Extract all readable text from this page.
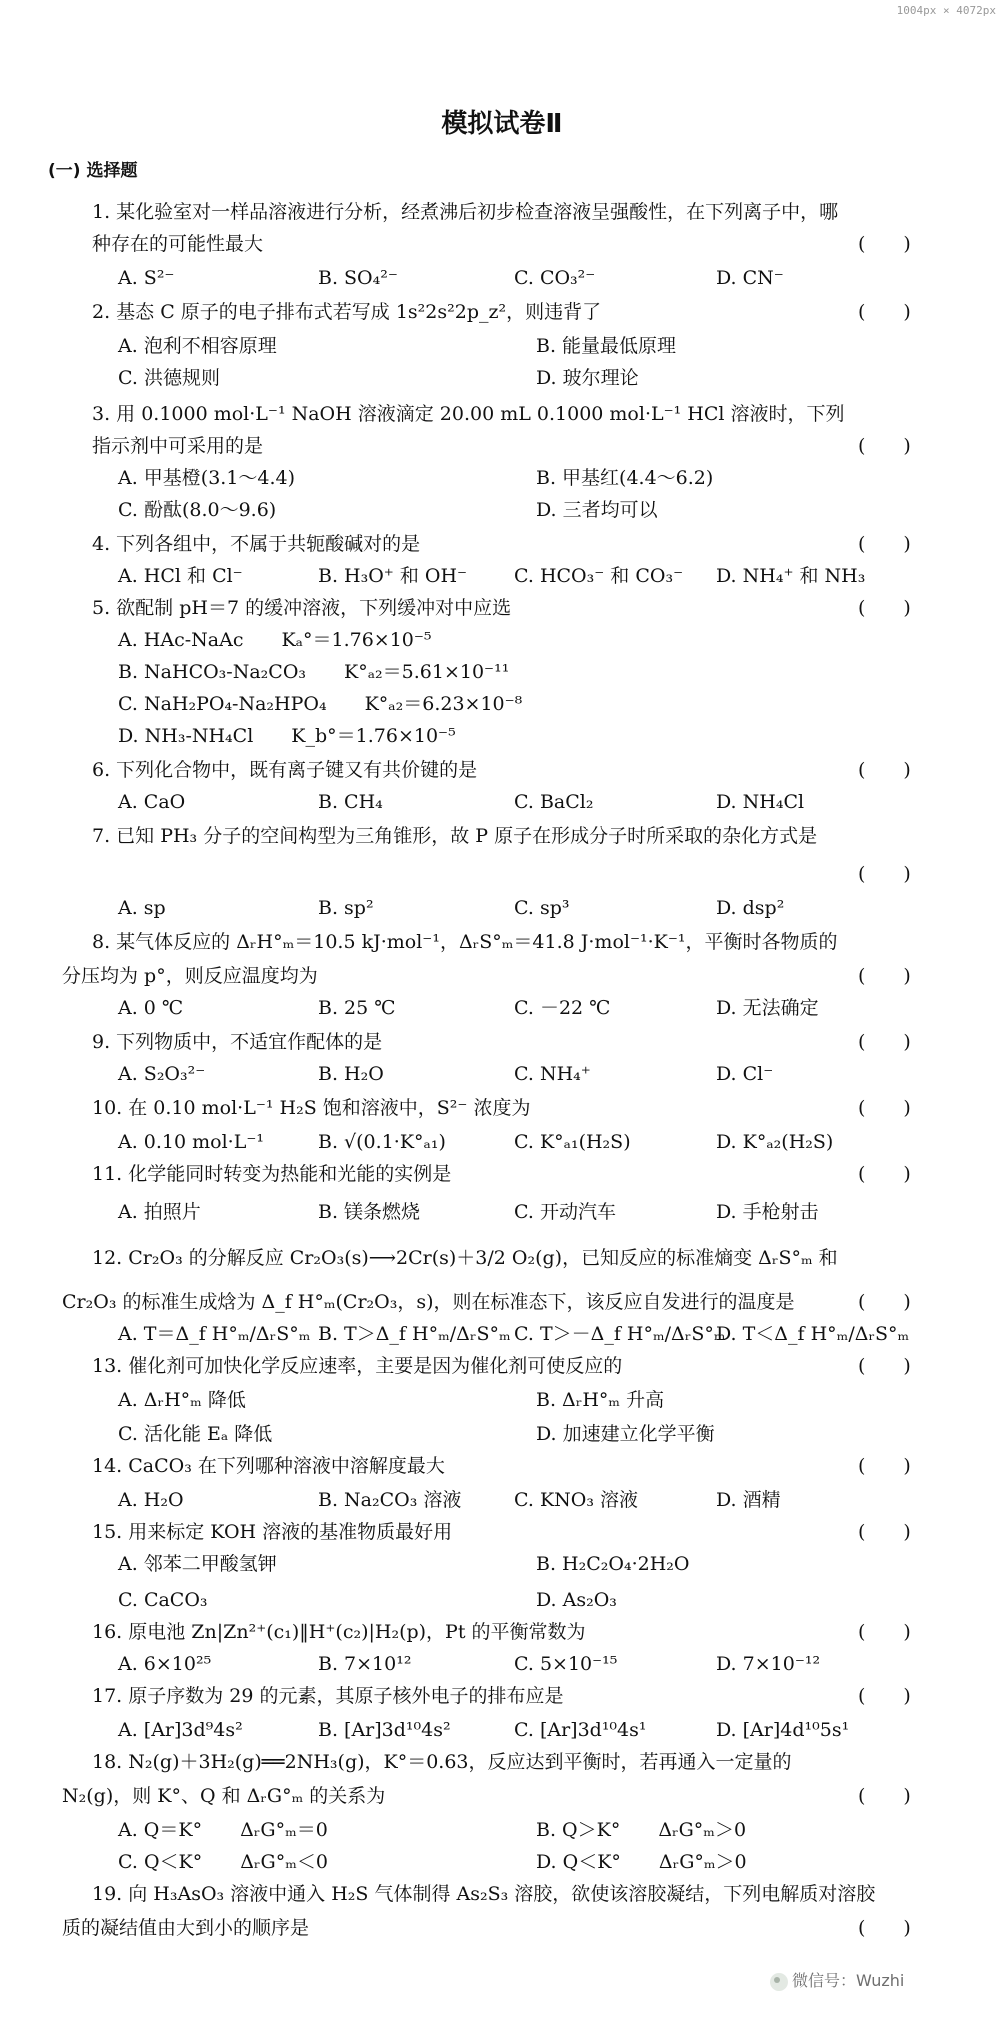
1004px × 4072px
模拟试卷Ⅱ
(一) 选择题
1. 某化验室对一样品溶液进行分析，经煮沸后初步检查溶液呈强酸性，在下列离子中，哪
种存在的可能性最大	(　　)
A. S²⁻	B. SO₄²⁻	C. CO₃²⁻	D. CN⁻
2. 基态 C 原子的电子排布式若写成 1s²2s²2p_z²，则违背了	(　　)
A. 泡利不相容原理	B. 能量最低原理
C. 洪德规则	D. 玻尔理论
3. 用 0.1000 mol·L⁻¹ NaOH 溶液滴定 20.00 mL 0.1000 mol·L⁻¹ HCl 溶液时，下列
指示剂中可采用的是	(　　)
A. 甲基橙(3.1～4.4)	B. 甲基红(4.4～6.2)
C. 酚酞(8.0～9.6)	D. 三者均可以
4. 下列各组中，不属于共轭酸碱对的是	(　　)
A. HCl 和 Cl⁻	B. H₃O⁺ 和 OH⁻ C. HCO₃⁻ 和 CO₃⁻ D. NH₄⁺ 和 NH₃
5. 欲配制 pH＝7 的缓冲溶液，下列缓冲对中应选	(　　)
A. HAc-NaAc　　Kₐ°＝1.76×10⁻⁵
B. NaHCO₃-Na₂CO₃　　K°ₐ₂＝5.61×10⁻¹¹
C. NaH₂PO₄-Na₂HPO₄　　K°ₐ₂＝6.23×10⁻⁸
D. NH₃-NH₄Cl　　K_b°＝1.76×10⁻⁵
6. 下列化合物中，既有离子键又有共价键的是	(　　)
A. CaO	B. CH₄	C. BaCl₂	D. NH₄Cl
7. 已知 PH₃ 分子的空间构型为三角锥形，故 P 原子在形成分子时所采取的杂化方式是
(　　)
A. sp	B. sp²	C. sp³	D. dsp²
8. 某气体反应的 ΔᵣH°ₘ＝10.5 kJ·mol⁻¹，ΔᵣS°ₘ＝41.8 J·mol⁻¹·K⁻¹，平衡时各物质的
分压均为 p°，则反应温度均为	(　　)
A. 0 ℃	B. 25 ℃	C. －22 ℃	D. 无法确定
9. 下列物质中，不适宜作配体的是	(　　)
A. S₂O₃²⁻	B. H₂O	C. NH₄⁺	D. Cl⁻
10. 在 0.10 mol·L⁻¹ H₂S 饱和溶液中，S²⁻ 浓度为	(　　)
A. 0.10 mol·L⁻¹	B. √(0.1·K°ₐ₁)	C. K°ₐ₁(H₂S)	D. K°ₐ₂(H₂S)
11. 化学能同时转变为热能和光能的实例是	(　　)
A. 拍照片	B. 镁条燃烧	C. 开动汽车	D. 手枪射击
12. Cr₂O₃ 的分解反应 Cr₂O₃(s)⟶2Cr(s)＋3/2 O₂(g)，已知反应的标准熵变 ΔᵣS°ₘ 和
Cr₂O₃ 的标准生成焓为 Δ_f H°ₘ(Cr₂O₃，s)，则在标准态下，该反应自发进行的温度是	(　　)
A. T＝Δ_f H°ₘ/ΔᵣS°ₘ B. T＞Δ_f H°ₘ/ΔᵣS°ₘ C. T＞－Δ_f H°ₘ/ΔᵣS°ₘ
D. T＜Δ_f H°ₘ/ΔᵣS°ₘ
13. 催化剂可加快化学反应速率，主要是因为催化剂可使反应的	(　　)
A. ΔᵣH°ₘ 降低	B. ΔᵣH°ₘ 升高
C. 活化能 Eₐ 降低	D. 加速建立化学平衡
14. CaCO₃ 在下列哪种溶液中溶解度最大	(　　)
A. H₂O	B. Na₂CO₃ 溶液	C. KNO₃ 溶液	D. 酒精
15. 用来标定 KOH 溶液的基准物质最好用	(　　)
A. 邻苯二甲酸氢钾	B. H₂C₂O₄·2H₂O
C. CaCO₃	D. As₂O₃
16. 原电池 Zn|Zn²⁺(c₁)‖H⁺(c₂)|H₂(p)，Pt 的平衡常数为	(　　)
A. 6×10²⁵	B. 7×10¹²	C. 5×10⁻¹⁵	D. 7×10⁻¹²
17. 原子序数为 29 的元素，其原子核外电子的排布应是	(　　)
A. [Ar]3d⁹4s²	B. [Ar]3d¹⁰4s²	C. [Ar]3d¹⁰4s¹	D. [Ar]4d¹⁰5s¹
18. N₂(g)＋3H₂(g)══2NH₃(g)，K°＝0.63，反应达到平衡时，若再通入一定量的
N₂(g)，则 K°、Q 和 ΔᵣG°ₘ 的关系为	(　　)
A. Q＝K°　　ΔᵣG°ₘ＝0	B. Q＞K°　　ΔᵣG°ₘ＞0
C. Q＜K°　　ΔᵣG°ₘ＜0	D. Q＜K°　　ΔᵣG°ₘ＞0
19. 向 H₃AsO₃ 溶液中通入 H₂S 气体制得 As₂S₃ 溶胶，欲使该溶胶凝结，下列电解质对溶胶
质的凝结值由大到小的顺序是	(　　)
微信号：Wuzhi
